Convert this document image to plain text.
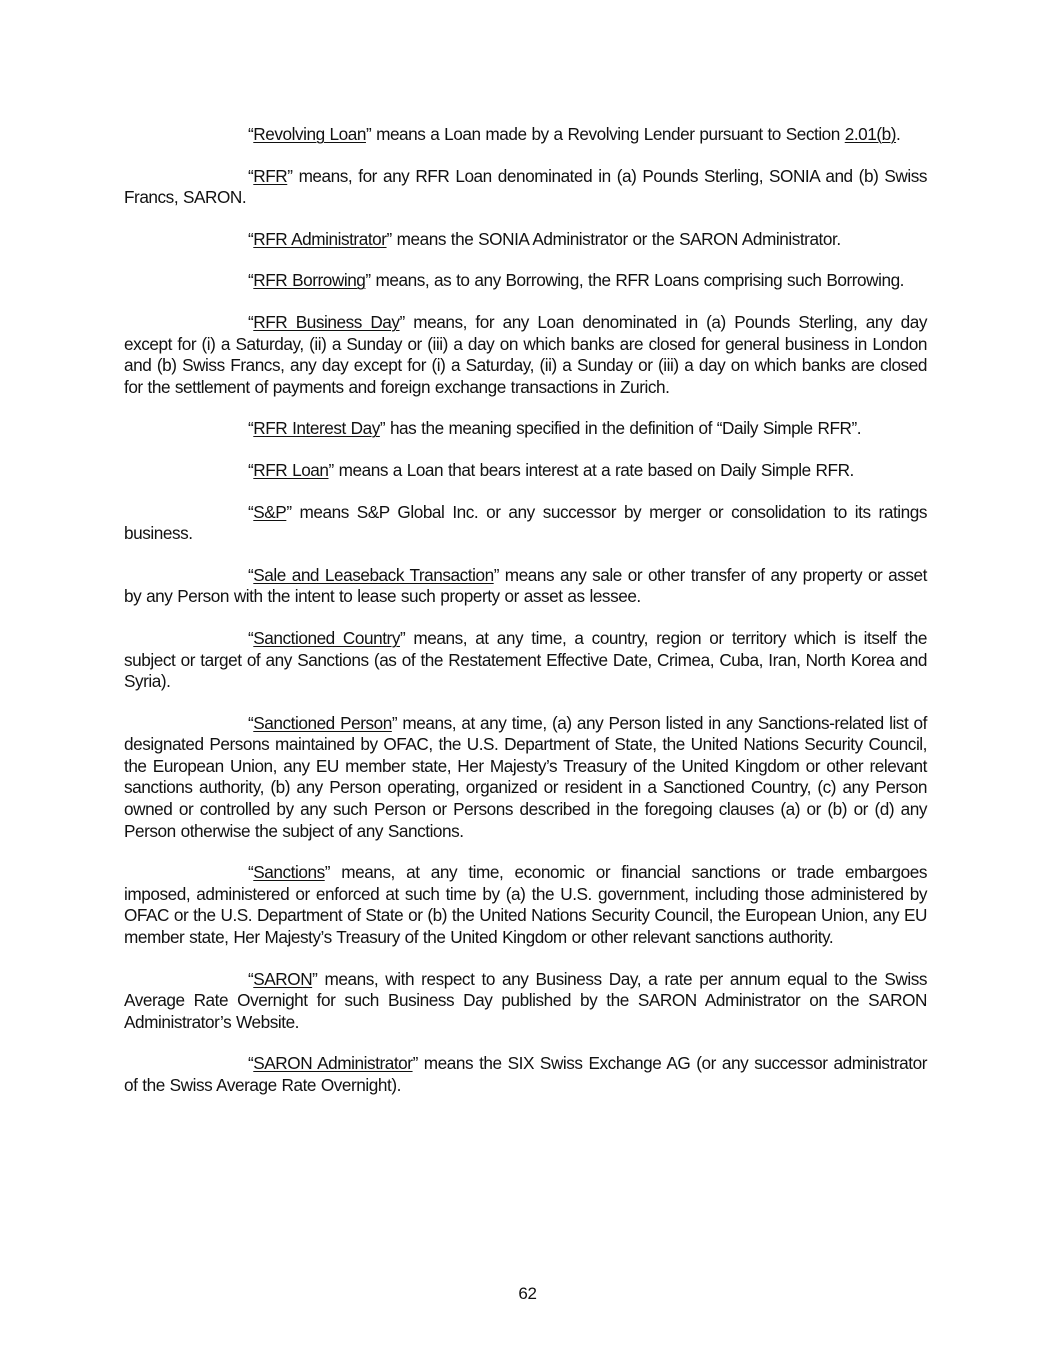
“Revolving Loan” means a Loan made by a Revolving Lender pursuant to Section 2.01(b).

“RFR” means, for any RFR Loan denominated in (a) Pounds Sterling, SONIA and (b) Swiss Francs, SARON.

“RFR Administrator” means the SONIA Administrator or the SARON Administrator.

“RFR Borrowing” means, as to any Borrowing, the RFR Loans comprising such Borrowing.

“RFR Business Day” means, for any Loan denominated in (a) Pounds Sterling, any day except for (i) a Saturday, (ii) a Sunday or (iii) a day on which banks are closed for general business in London and (b) Swiss Francs, any day except for (i) a Saturday, (ii) a Sunday or (iii) a day on which banks are closed for the settlement of payments and foreign exchange transactions in Zurich.

“RFR Interest Day” has the meaning specified in the definition of “Daily Simple RFR”.

“RFR Loan” means a Loan that bears interest at a rate based on Daily Simple RFR.

“S&P” means S&P Global Inc. or any successor by merger or consolidation to its ratings business.

“Sale and Leaseback Transaction” means any sale or other transfer of any property or asset by any Person with the intent to lease such property or asset as lessee.

“Sanctioned Country” means, at any time, a country, region or territory which is itself the subject or target of any Sanctions (as of the Restatement Effective Date, Crimea, Cuba, Iran, North Korea and Syria).

“Sanctioned Person” means, at any time, (a) any Person listed in any Sanctions-related list of designated Persons maintained by OFAC, the U.S. Department of State, the United Nations Security Council, the European Union, any EU member state, Her Majesty’s Treasury of the United Kingdom or other relevant sanctions authority, (b) any Person operating, organized or resident in a Sanctioned Country, (c) any Person owned or controlled by any such Person or Persons described in the foregoing clauses (a) or (b) or (d) any Person otherwise the subject of any Sanctions.

“Sanctions” means, at any time, economic or financial sanctions or trade embargoes imposed, administered or enforced at such time by (a) the U.S. government, including those administered by OFAC or the U.S. Department of State or (b) the United Nations Security Council, the European Union, any EU member state, Her Majesty’s Treasury of the United Kingdom or other relevant sanctions authority.

“SARON” means, with respect to any Business Day, a rate per annum equal to the Swiss Average Rate Overnight for such Business Day published by the SARON Administrator on the SARON Administrator’s Website.

“SARON Administrator” means the SIX Swiss Exchange AG (or any successor administrator of the Swiss Average Rate Overnight).

62
